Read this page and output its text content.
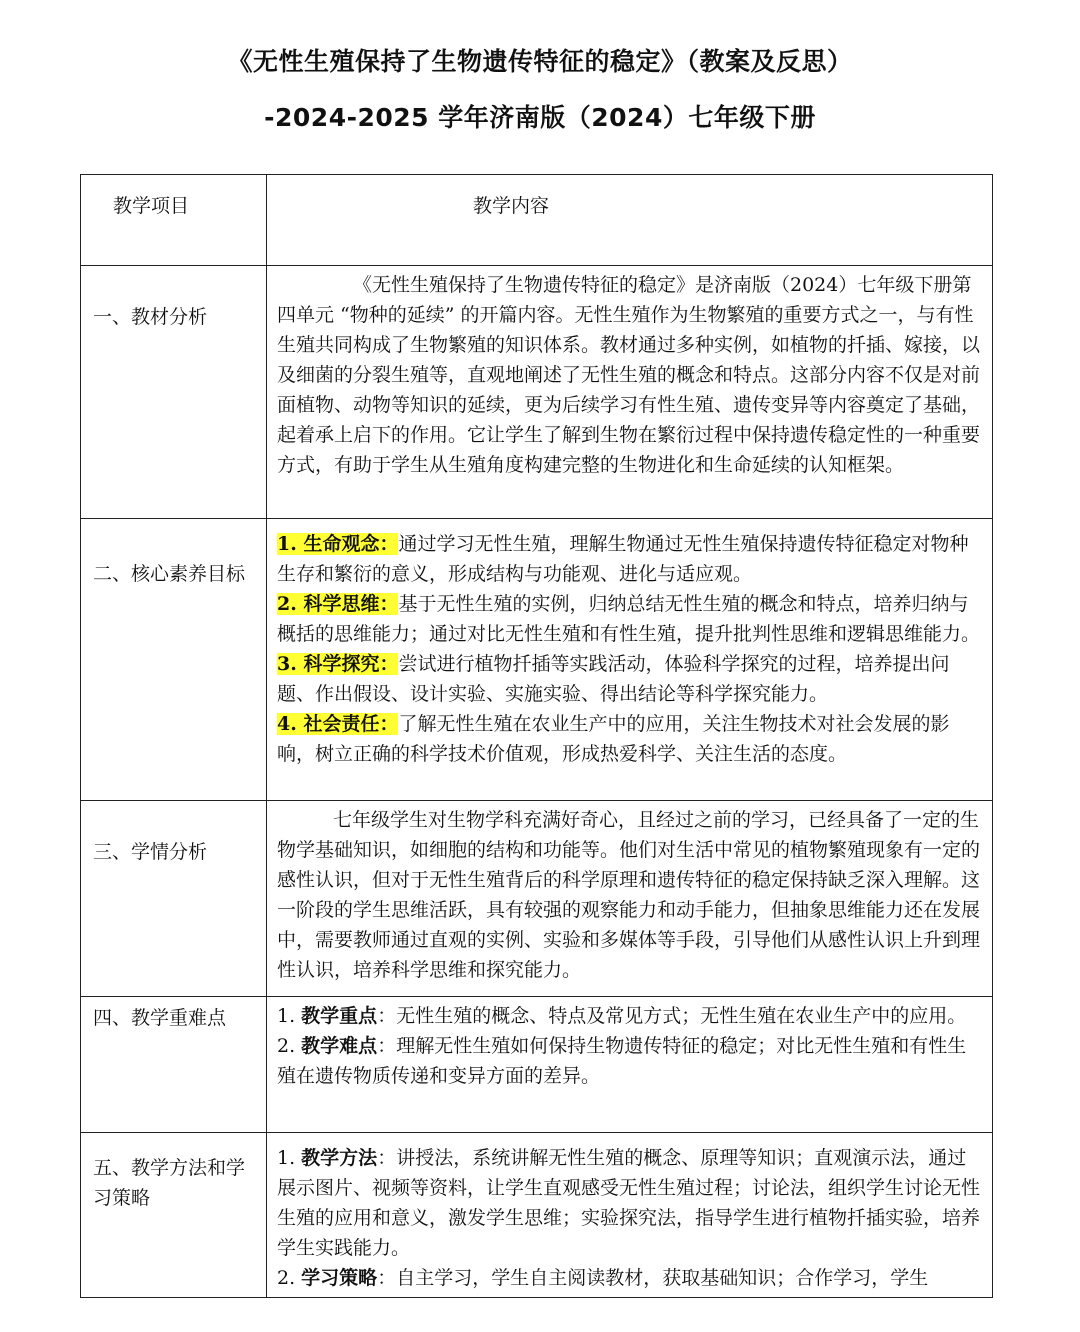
《无性生殖保持了生物遗传特征的稳定》（教案及反思）
-2024-2025 学年济南版（2024）七年级下册
教学项目	教学内容
一、教材分析	《无性生殖保持了生物遗传特征的稳定》是济南版（2024）七年级下册第四单元 “物种的延续” 的开篇内容。无性生殖作为生物繁殖的重要方式之一，与有性生殖共同构成了生物繁殖的知识体系。教材通过多种实例，如植物的扦插、嫁接，以及细菌的分裂生殖等，直观地阐述了无性生殖的概念和特点。这部分内容不仅是对前面植物、动物等知识的延续，更为后续学习有性生殖、遗传变异等内容奠定了基础，起着承上启下的作用。它让学生了解到生物在繁衍过程中保持遗传稳定性的一种重要方式，有助于学生从生殖角度构建完整的生物进化和生命延续的认知框架。

二、核心素养目标	1. 生命观念：通过学习无性生殖，理解生物通过无性生殖保持遗传特征稳定对物种生存和繁衍的意义，形成结构与功能观、进化与适应观。
2. 科学思维：基于无性生殖的实例，归纳总结无性生殖的概念和特点，培养归纳与概括的思维能力；通过对比无性生殖和有性生殖，提升批判性思维和逻辑思维能力。
3. 科学探究：尝试进行植物扦插等实践活动，体验科学探究的过程，培养提出问题、作出假设、设计实验、实施实验、得出结论等科学探究能力。
4. 社会责任：了解无性生殖在农业生产中的应用，关注生物技术对社会发展的影响，树立正确的科学技术价值观，形成热爱科学、关注生活的态度。

三、学情分析	七年级学生对生物学科充满好奇心，且经过之前的学习，已经具备了一定的生物学基础知识，如细胞的结构和功能等。他们对生活中常见的植物繁殖现象有一定的感性认识，但对于无性生殖背后的科学原理和遗传特征的稳定保持缺乏深入理解。这一阶段的学生思维活跃，具有较强的观察能力和动手能力，但抽象思维能力还在发展中，需要教师通过直观的实例、实验和多媒体等手段，引导他们从感性认识上升到理性认识，培养科学思维和探究能力。

四、教学重难点	1. 教学重点：无性生殖的概念、特点及常见方式；无性生殖在农业生产中的应用。
2. 教学难点：理解无性生殖如何保持生物遗传特征的稳定；对比无性生殖和有性生殖在遗传物质传递和变异方面的差异。

五、教学方法和学习策略	1. 教学方法：讲授法，系统讲解无性生殖的概念、原理等知识；直观演示法，通过展示图片、视频等资料，让学生直观感受无性生殖过程；讨论法，组织学生讨论无性生殖的应用和意义，激发学生思维；实验探究法，指导学生进行植物扦插实验，培养学生实践能力。
2. 学习策略：自主学习，学生自主阅读教材，获取基础知识；合作学习，学生
